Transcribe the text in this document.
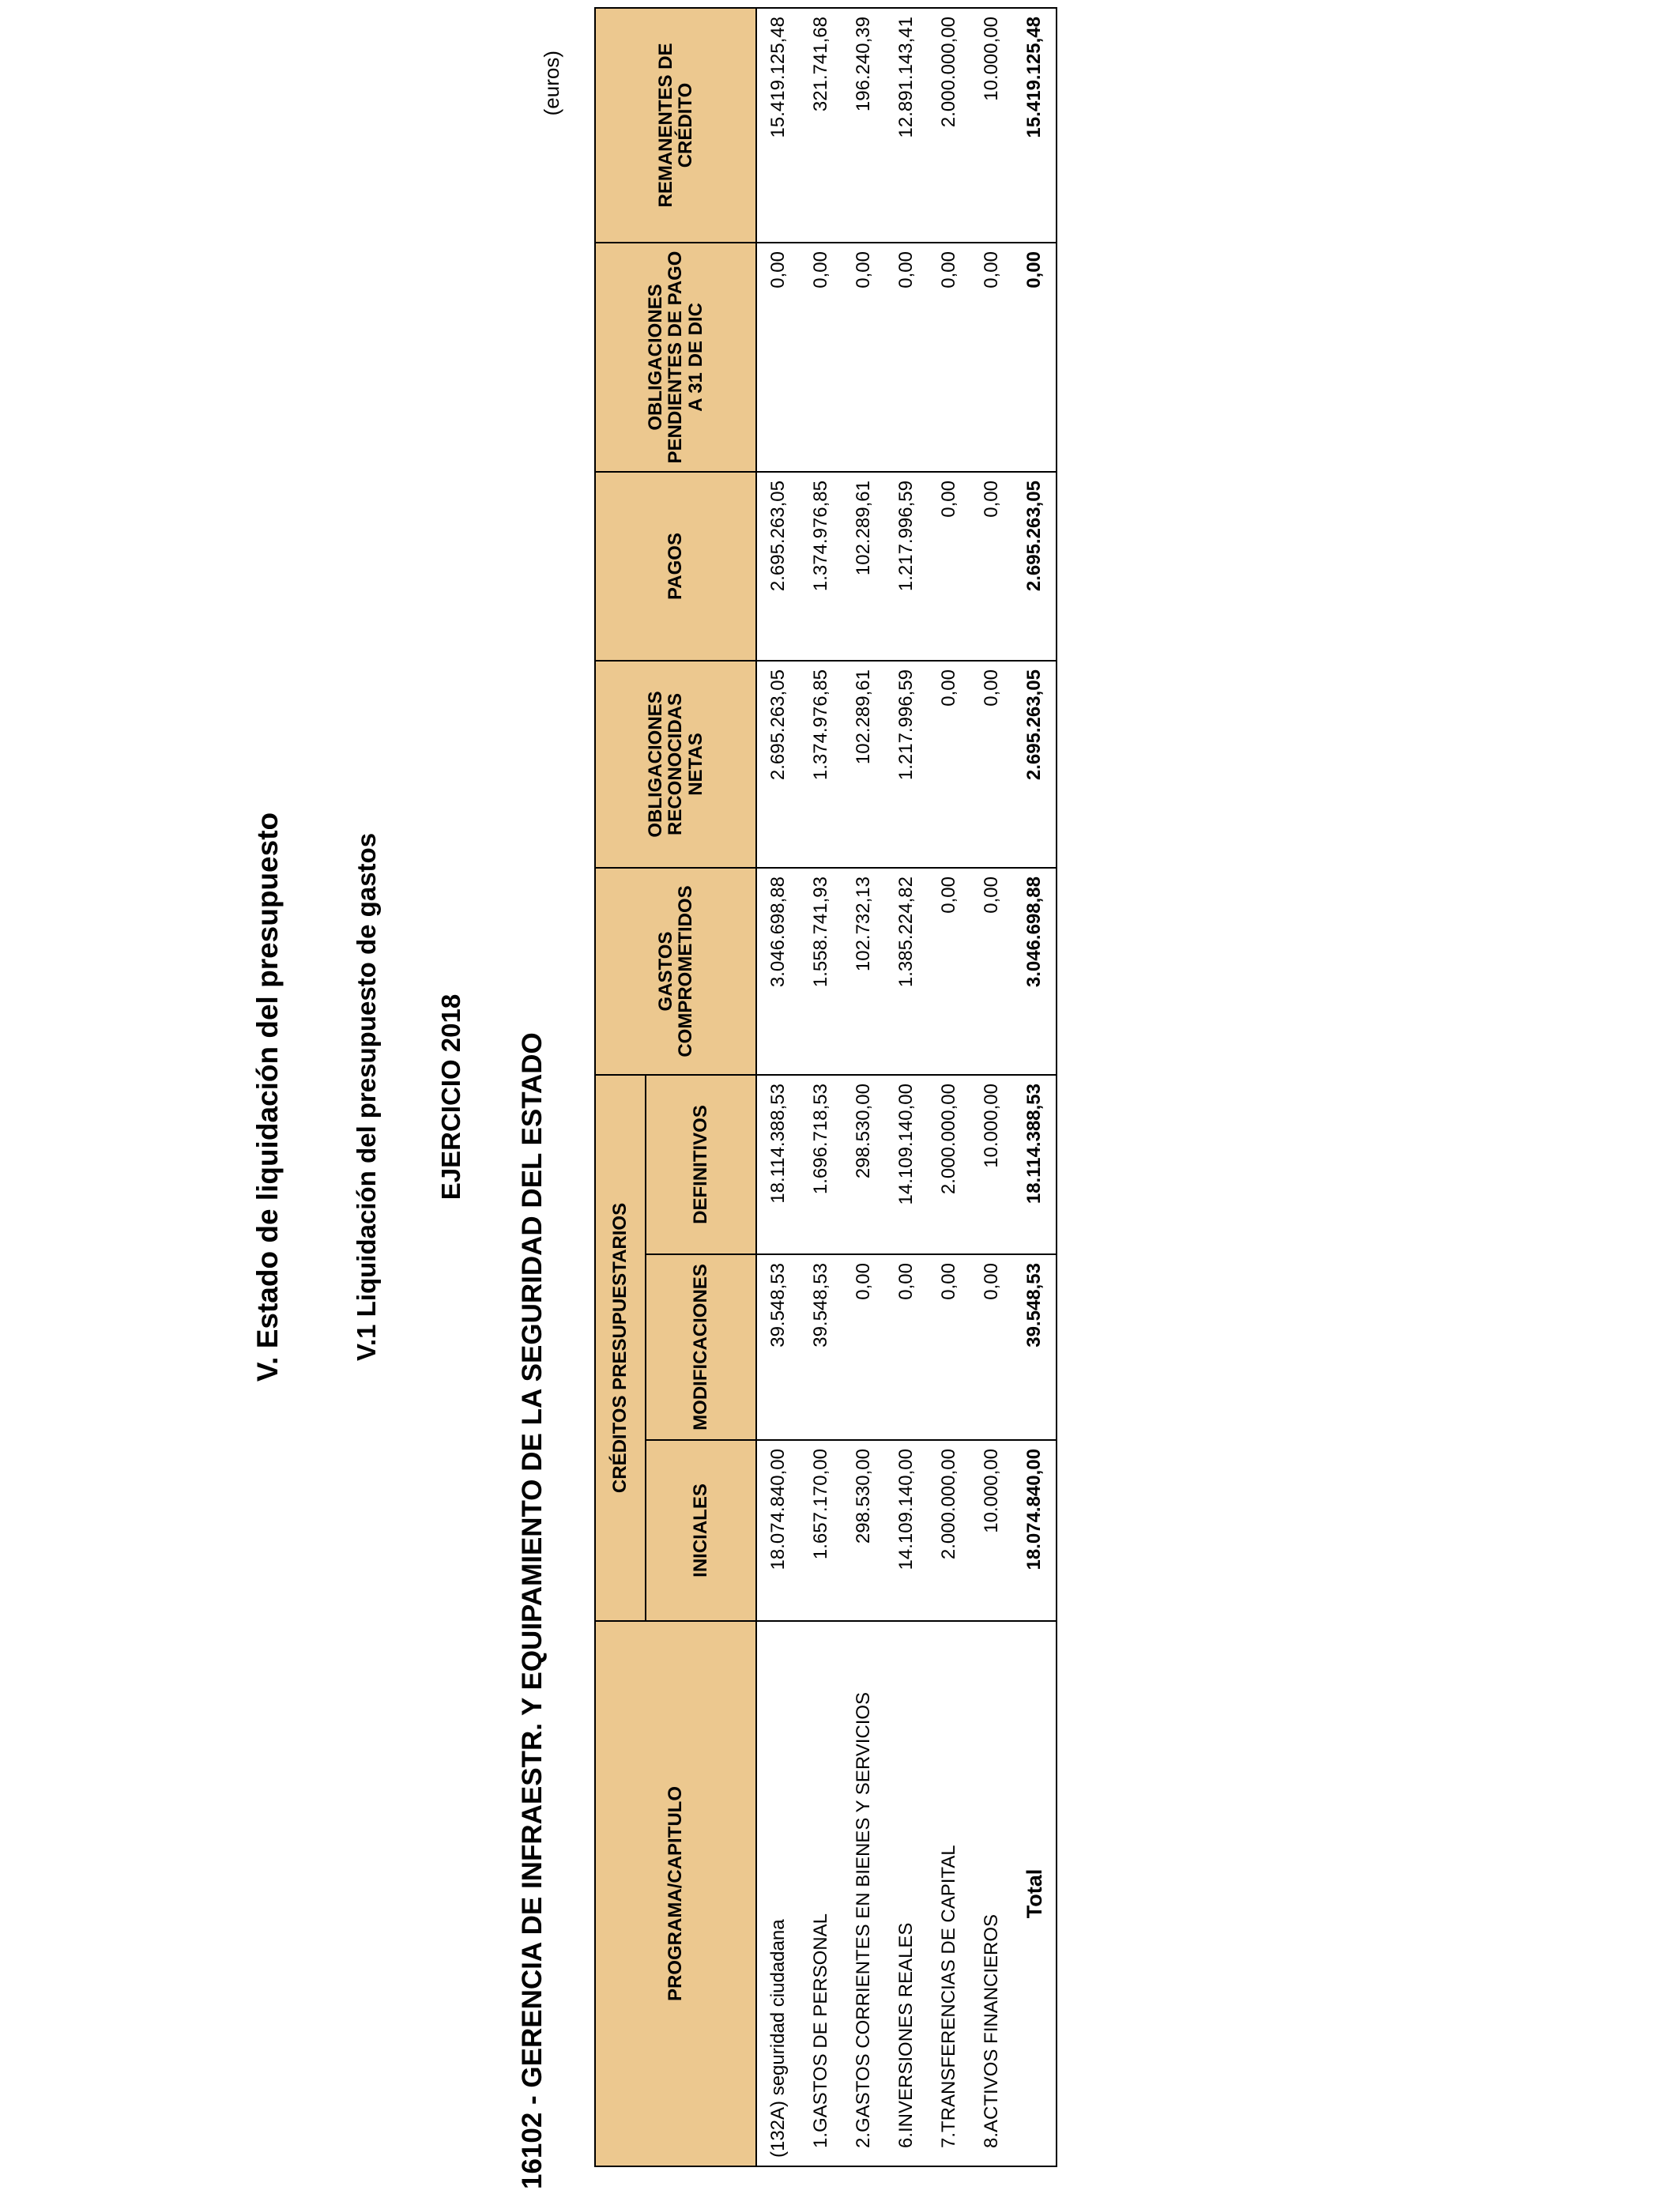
V. Estado de liquidación del presupuesto	V.1 Liquidación del presupuesto de gastos EJERCICIO 2018 16102 - GERENCIA DE INFRAESTR. Y EQUIPAMIENTO DE LA SEGURIDAD DEL ESTADO
(euros)
PROGRAMA/CAPITULO	CRÉDITOS PRESUPUESTARIOS			GASTOS COMPROMETIDOS	OBLIGACIONES RECONOCIDAS NETAS	PAGOS	OBLIGACIONES PENDIENTES DE PAGO A 31 DE DIC	REMANENTES DE CRÉDITO
	INICIALES	MODIFICACIONES	DEFINITIVOS					
(132A) seguridad ciudadana	18.074.840,00	39.548,53	18.114.388,53	3.046.698,88	2.695.263,05	2.695.263,05	0,00	15.419.125,48
1.GASTOS DE PERSONAL	1.657.170,00	39.548,53	1.696.718,53	1.558.741,93	1.374.976,85	1.374.976,85	0,00	321.741,68
2.GASTOS CORRIENTES EN BIENES Y SERVICIOS	298.530,00	0,00	298.530,00	102.732,13	102.289,61	102.289,61	0,00	196.240,39
6.INVERSIONES REALES	14.109.140,00	0,00	14.109.140,00	1.385.224,82	1.217.996,59	1.217.996,59	0,00	12.891.143,41
7.TRANSFERENCIAS DE CAPITAL	2.000.000,00	0,00	2.000.000,00	0,00	0,00	0,00	0,00	2.000.000,00
8.ACTIVOS FINANCIEROS	10.000,00	0,00	10.000,00	0,00	0,00	0,00	0,00	10.000,00
Total	18.074.840,00	39.548,53	18.114.388,53	3.046.698,88	2.695.263,05	2.695.263,05	0,00	15.419.125,48
